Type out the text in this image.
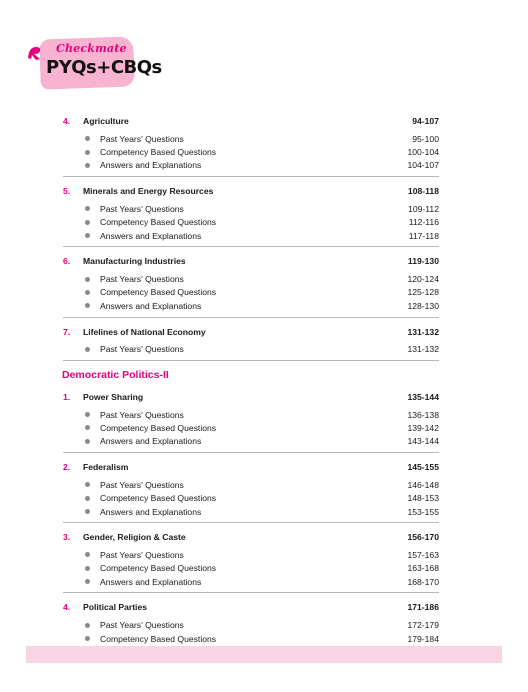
Checkmate
PYQs+CBQs
4.	Agriculture	94-107
Past Years' Questions	95-100
Competency Based Questions	100-104
Answers and Explanations	104-107
5.	Minerals and Energy Resources	108-118
Past Years' Questions	109-112
Competency Based Questions	112-116
Answers and Explanations	117-118
6.	Manufacturing Industries	119-130
Past Years' Questions	120-124
Competency Based Questions	125-128
Answers and Explanations	128-130
7.	Lifelines of National Economy	131-132
Past Years' Questions	131-132
Democratic Politics-II
1.	Power Sharing	135-144
Past Years' Questions	136-138
Competency Based Questions	139-142
Answers and Explanations	143-144
2.	Federalism	145-155
Past Years' Questions	146-148
Competency Based Questions	148-153
Answers and Explanations	153-155
3.	Gender, Religion & Caste	156-170
Past Years' Questions	157-163
Competency Based Questions	163-168
Answers and Explanations	168-170
4.	Political Parties	171-186
Past Years' Questions	172-179
Competency Based Questions	179-184
